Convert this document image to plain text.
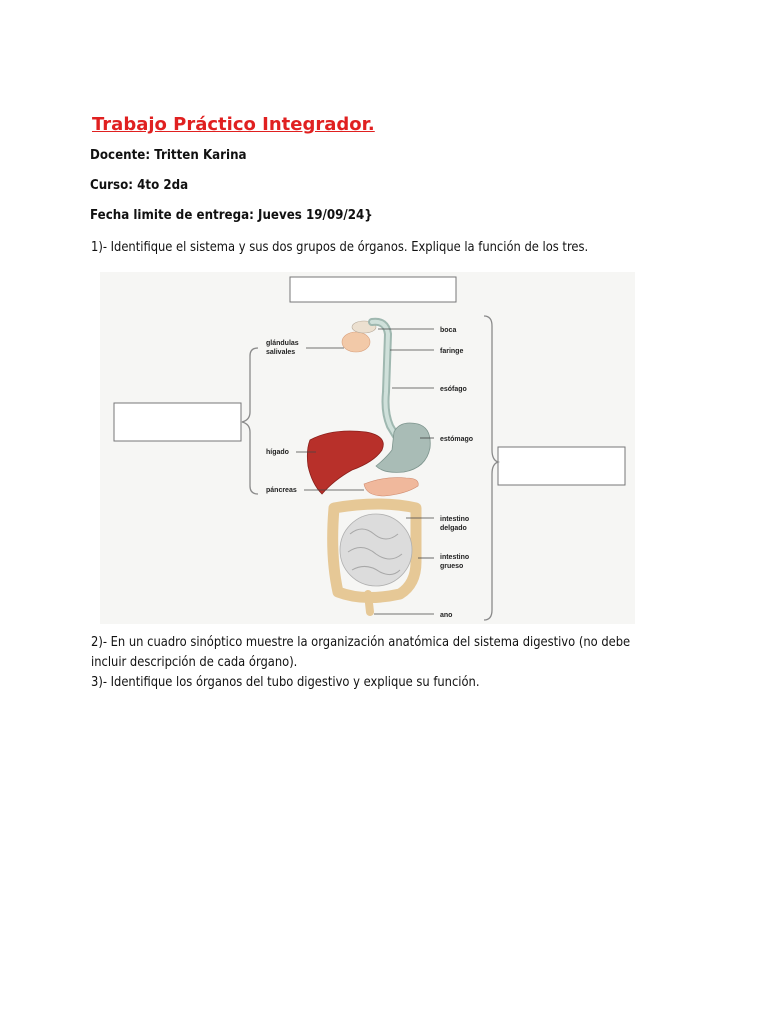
Trabajo Práctico Integrador.
Docente: Tritten Karina
Curso: 4to 2da
Fecha limite de entrega: Jueves 19/09/24}
1)- Identifique el sistema y sus dos grupos de órganos. Explique la función de los tres.
boca
faringe
esófago
estómago
intestino
delgado
intestino
grueso
ano
glándulas
salivales
hígado
páncreas
2)- En un cuadro sinóptico muestre la organización anatómica del sistema digestivo (no debe
incluir descripción de cada órgano).
3)- Identifique los órganos del tubo digestivo y explique su función.
